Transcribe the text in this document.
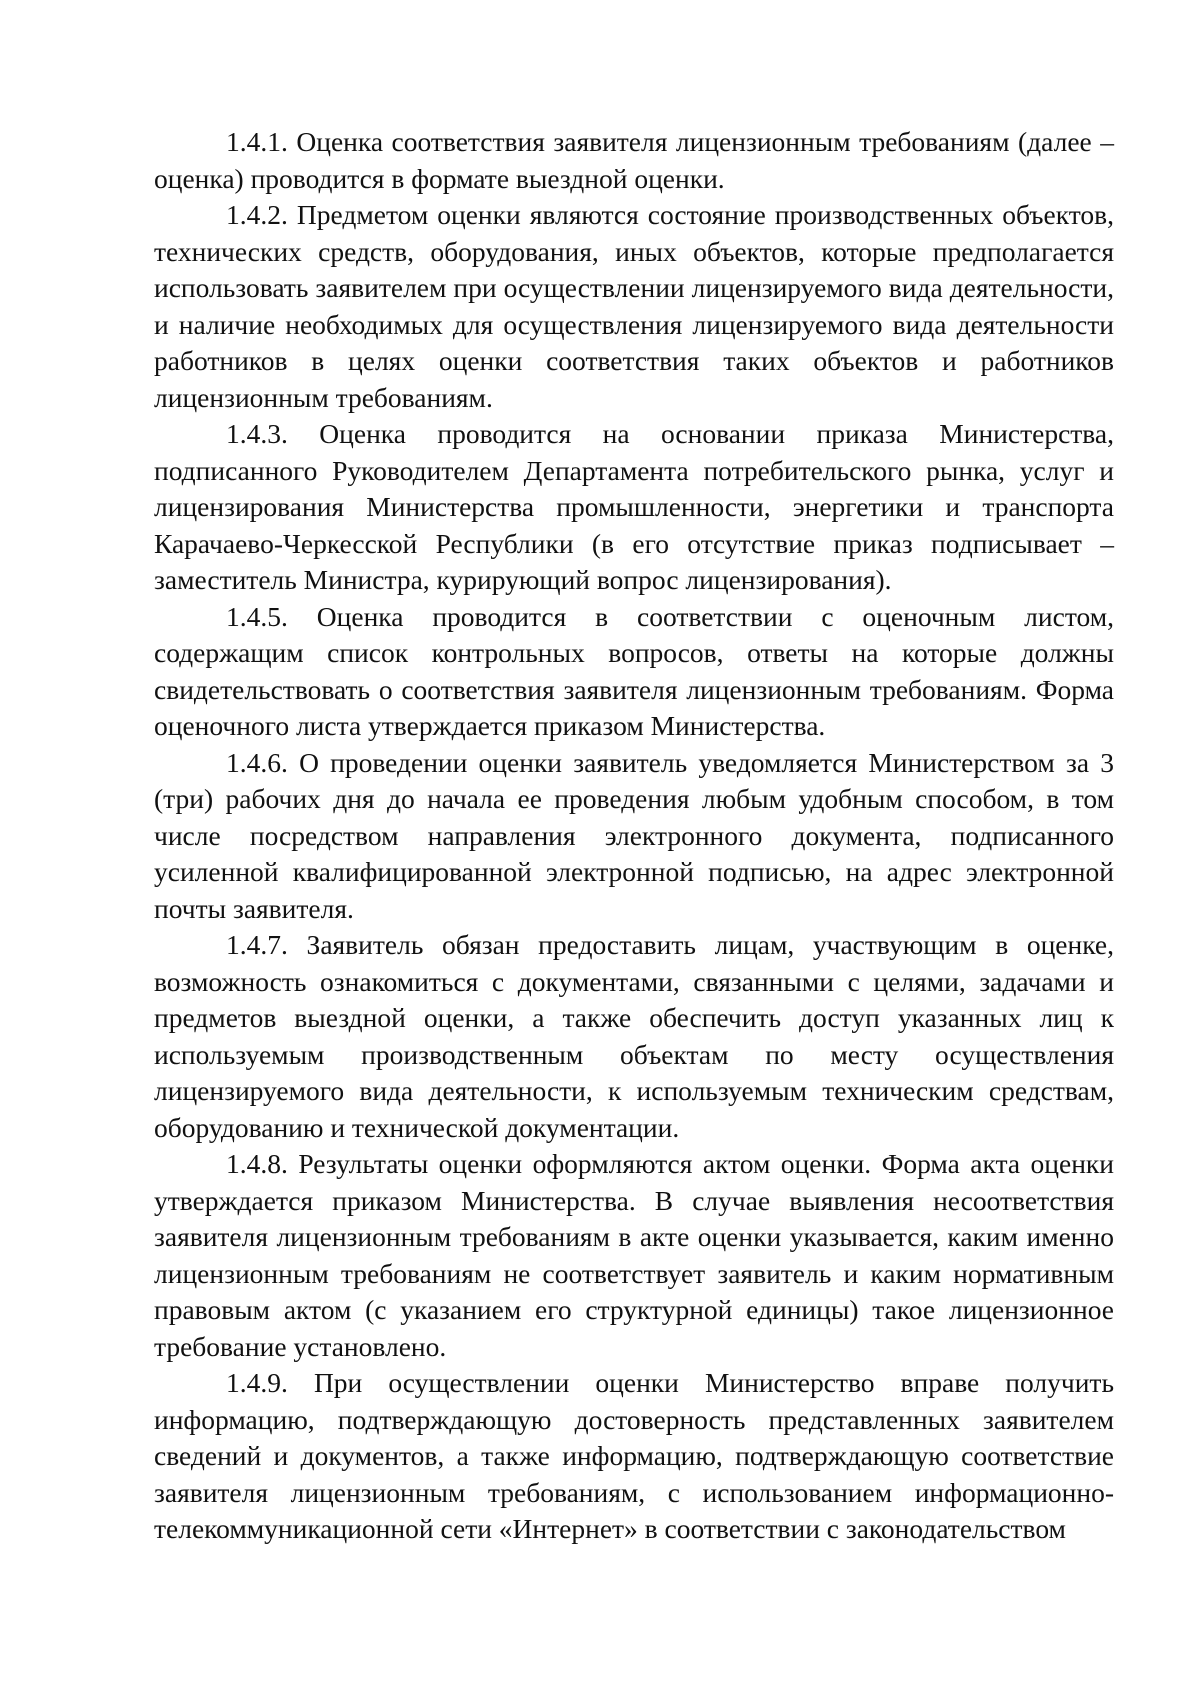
1.4.1. Оценка соответствия заявителя лицензионным требованиям (далее – оценка) проводится в формате выездной оценки.

1.4.2. Предметом оценки являются состояние производственных объектов, технических средств, оборудования, иных объектов, которые предполагается использовать заявителем при осуществлении лицензируемого вида деятельности, и наличие необходимых для осуществления лицензируемого вида деятельности работников в целях оценки соответствия таких объектов и работников лицензионным требованиям.

1.4.3. Оценка проводится на основании приказа Министерства, подписанного Руководителем Департамента потребительского рынка, услуг и лицензирования Министерства промышленности, энергетики и транспорта Карачаево-Черкесской Республики (в его отсутствие приказ подписывает – заместитель Министра, курирующий вопрос лицензирования).

1.4.5. Оценка проводится в соответствии с оценочным листом, содержащим список контрольных вопросов, ответы на которые должны свидетельствовать о соответствия заявителя лицензионным требованиям. Форма оценочного листа утверждается приказом Министерства.

1.4.6. О проведении оценки заявитель уведомляется Министерством за 3 (три) рабочих дня до начала ее проведения любым удобным способом, в том числе посредством направления электронного документа, подписанного усиленной квалифицированной электронной подписью, на адрес электронной почты заявителя.

1.4.7. Заявитель обязан предоставить лицам, участвующим в оценке, возможность ознакомиться с документами, связанными с целями, задачами и предметов выездной оценки, а также обеспечить доступ указанных лиц к используемым производственным объектам по месту осуществления лицензируемого вида деятельности, к используемым техническим средствам, оборудованию и технической документации.

1.4.8. Результаты оценки оформляются актом оценки. Форма акта оценки утверждается приказом Министерства. В случае выявления несоответствия заявителя лицензионным требованиям в акте оценки указывается, каким именно лицензионным требованиям не соответствует заявитель и каким нормативным правовым актом (с указанием его структурной единицы) такое лицензионное требование установлено.

1.4.9. При осуществлении оценки Министерство вправе получить информацию, подтверждающую достоверность представленных заявителем сведений и документов, а также информацию, подтверждающую соответствие заявителя лицензионным требованиям, с использованием информационно-телекоммуникационной сети «Интернет» в соответствии с законодательством
